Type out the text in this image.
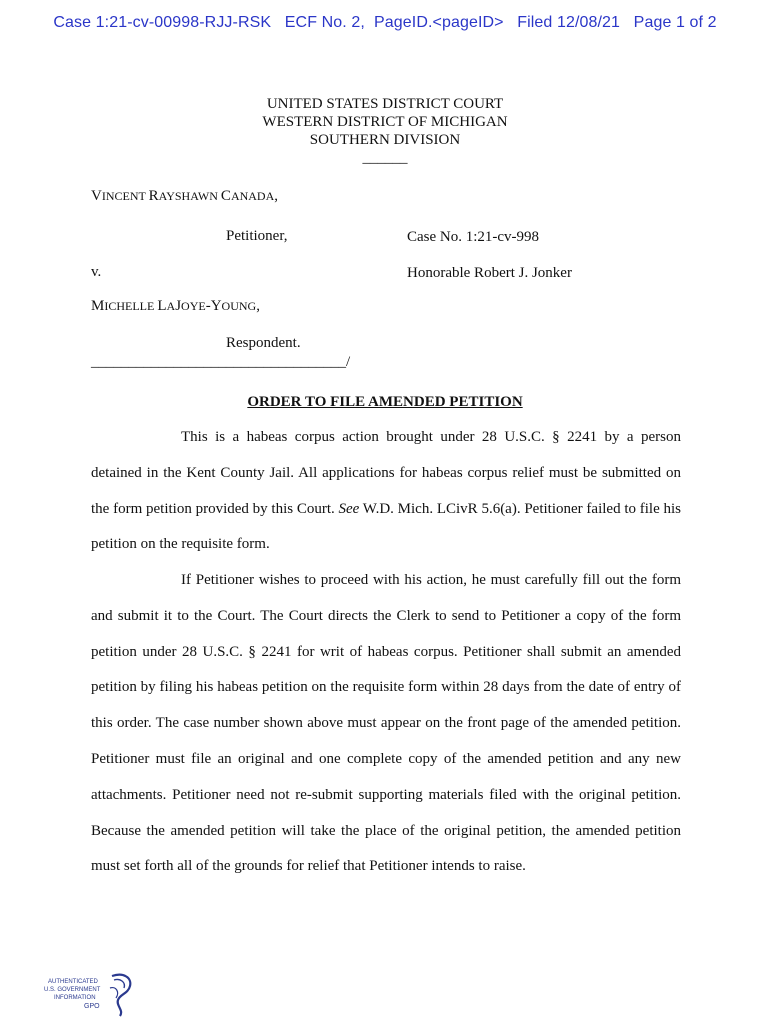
Case 1:21-cv-00998-RJJ-RSK   ECF No. 2,  PageID.<pageID>   Filed 12/08/21   Page 1 of 2
UNITED STATES DISTRICT COURT
WESTERN DISTRICT OF MICHIGAN
SOUTHERN DIVISION
______
VINCENT RAYSHAWN CANADA,
Petitioner,	Case No. 1:21-cv-998
v.	Honorable Robert J. Jonker
MICHELLE LAJOYE-YOUNG,
Respondent.
__________________________________/
ORDER TO FILE AMENDED PETITION

This is a habeas corpus action brought under 28 U.S.C. § 2241 by a person detained in the Kent County Jail. All applications for habeas corpus relief must be submitted on the form petition provided by this Court. See W.D. Mich. LCivR 5.6(a). Petitioner failed to file his petition on the requisite form.

If Petitioner wishes to proceed with his action, he must carefully fill out the form and submit it to the Court. The Court directs the Clerk to send to Petitioner a copy of the form petition under 28 U.S.C. § 2241 for writ of habeas corpus. Petitioner shall submit an amended petition by filing his habeas petition on the requisite form within 28 days from the date of entry of this order. The case number shown above must appear on the front page of the amended petition. Petitioner must file an original and one complete copy of the amended petition and any new attachments. Petitioner need not re-submit supporting materials filed with the original petition. Because the amended petition will take the place of the original petition, the amended petition must set forth all of the grounds for relief that Petitioner intends to raise.

AUTHENTICATED
U.S. GOVERNMENT
INFORMATION
GPO
